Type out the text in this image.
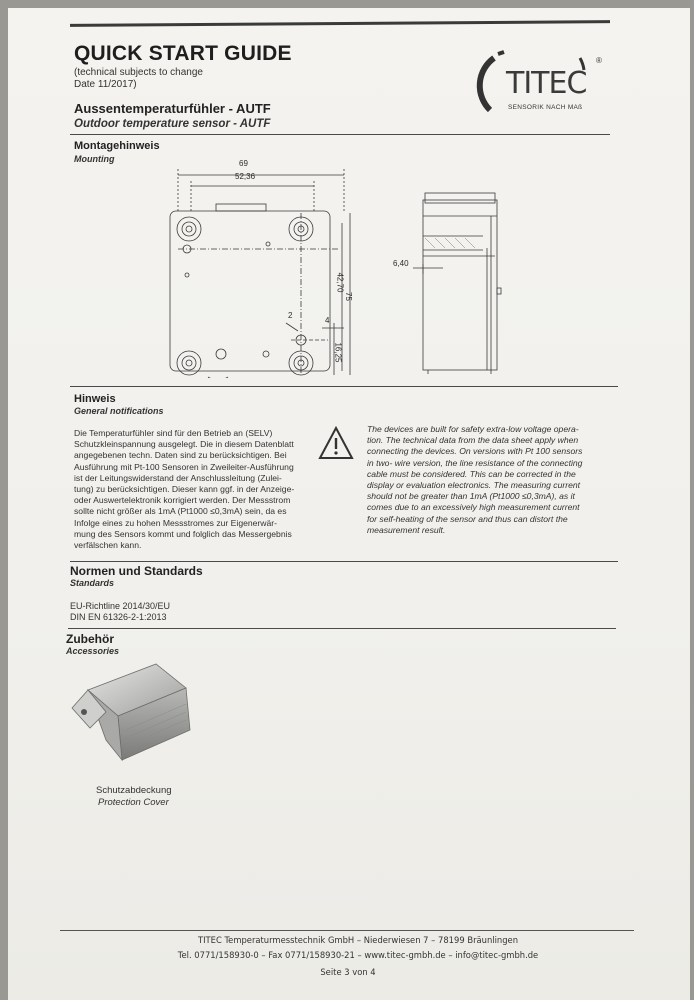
QUICK START GUIDE
(technical subjects to change
Date 11/2017)
Aussentemperaturfühler - AUTF
Outdoor temperature sensor - AUTF
TITEC
®
SENSORIK NACH MAß
Montagehinweis
Mounting	69
52,36
42,70
75
16,25
4
2
6,40
Hinweis
General notifications
Die Temperaturfühler sind für den Betrieb an (SELV)
Schutzkleinspannung ausgelegt. Die in diesem Datenblatt
angegebenen techn. Daten sind zu berücksichtigen. Bei
Ausführung mit Pt-100 Sensoren in Zweileiter-Ausführung
ist der Leitungswiderstand der Anschlussleitung (Zulei-
tung) zu berücksichtigen. Dieser kann ggf. in der Anzeige-
oder Auswertelektronik korrigiert werden. Der Messstrom
sollte nicht größer als 1mA (Pt1000 ≤0,3mA) sein, da es
Infolge eines zu hohen Messstromes zur Eigenerwär-
mung des Sensors kommt und folglich das Messergebnis
verfälschen kann.
The devices are built for safety extra-low voltage opera-
tion. The technical data from the data sheet apply when
connecting the devices. On versions with Pt 100 sensors
in two- wire version, the line resistance of the connecting
cable must be considered. This can be corrected in the
display or evaluation electronics. The measuring current
should not be greater than 1mA (Pt1000 ≤0,3mA), as it
comes due to an excessively high measurement current
for self-heating of the sensor and thus can distort the
measurement result.
Normen und Standards
Standards
EU-Richtline 2014/30/EU
DIN EN 61326-2-1:2013
Zubehör
Accessories
Schutzabdeckung
Protection Cover
TITEC Temperaturmesstechnik GmbH – Niederwiesen 7 – 78199 Bräunlingen
Tel. 0771/158930-0 – Fax 0771/158930-21 – www.titec-gmbh.de – info@titec-gmbh.de
Seite 3 von 4
